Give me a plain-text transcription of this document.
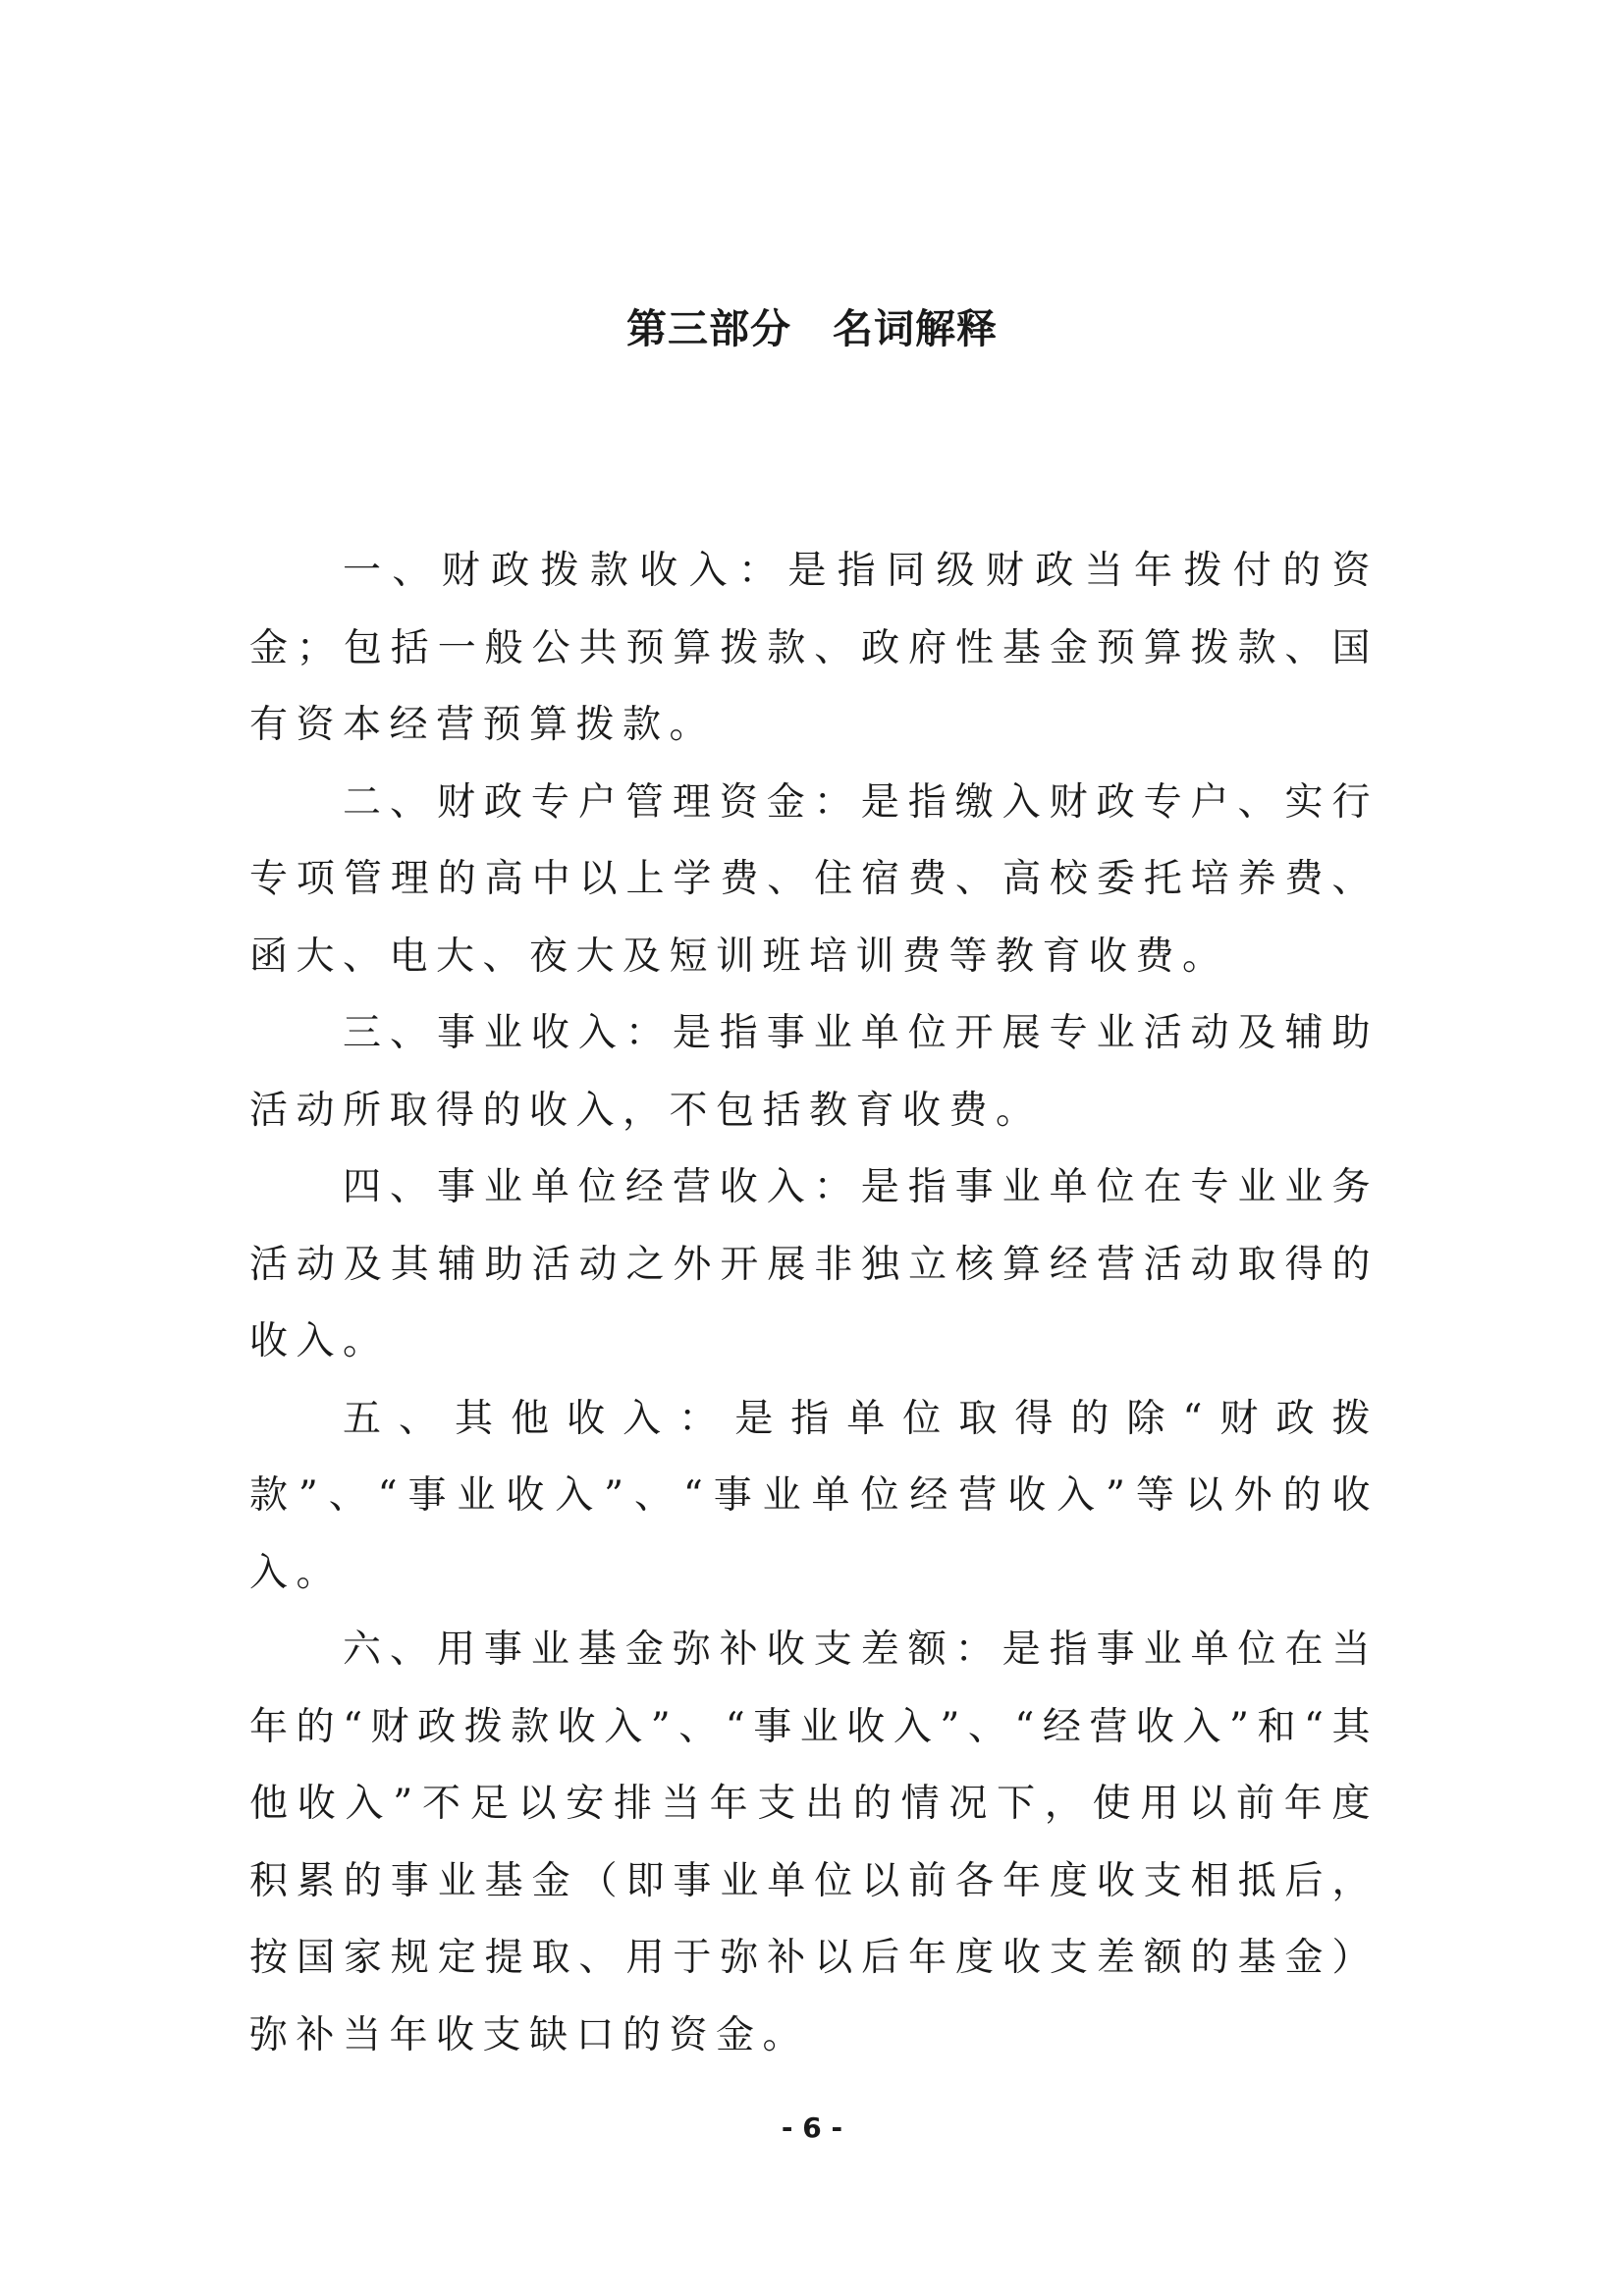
第三部分　名词解释

一、财政拨款收入：是指同级财政当年拨付的资金；包括一般公共预算拨款、政府性基金预算拨款、国有资本经营预算拨款。

二、财政专户管理资金：是指缴入财政专户、实行专项管理的高中以上学费、住宿费、高校委托培养费、函大、电大、夜大及短训班培训费等教育收费。

三、事业收入：是指事业单位开展专业活动及辅助活动所取得的收入，不包括教育收费。

四、事业单位经营收入：是指事业单位在专业业务活动及其辅助活动之外开展非独立核算经营活动取得的收入。

五、其他收入：是指单位取得的除“财政拨款”、“事业收入”、“事业单位经营收入”等以外的收入。

六、用事业基金弥补收支差额：是指事业单位在当年的“财政拨款收入”、“事业收入”、“经营收入”和“其他收入”不足以安排当年支出的情况下，使用以前年度积累的事业基金（即事业单位以前各年度收支相抵后，按国家规定提取、用于弥补以后年度收支差额的基金）弥补当年收支缺口的资金。

- 6 -
